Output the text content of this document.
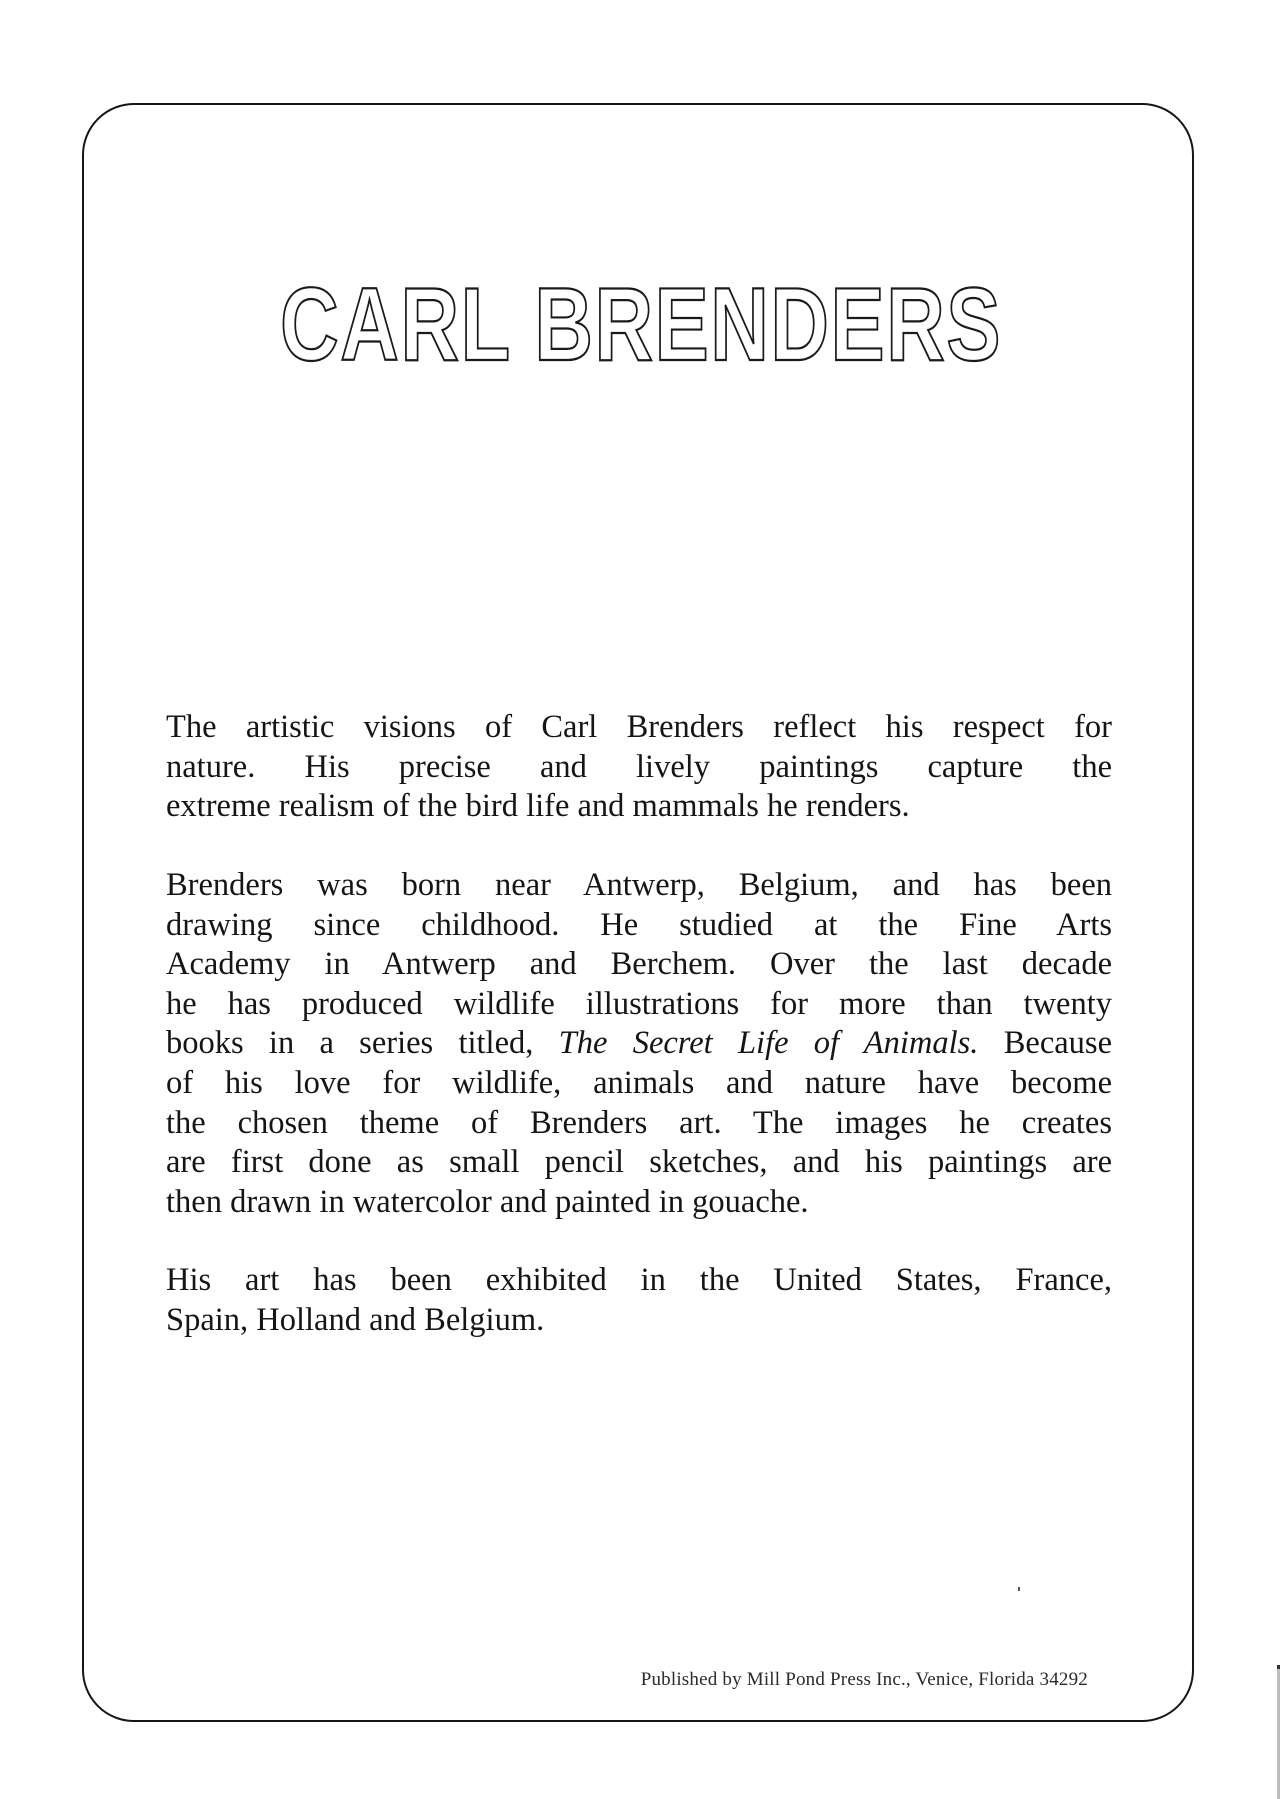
CARL BRENDERS
The artistic visions of Carl Brenders reflect his respect for
nature. His precise and lively paintings capture the
extreme realism of the bird life and mammals he renders.
Brenders was born near Antwerp, Belgium, and has been
drawing since childhood. He studied at the Fine Arts
Academy in Antwerp and Berchem. Over the last decade
he has produced wildlife illustrations for more than twenty
books in a series titled, The Secret Life of Animals. Because
of his love for wildlife, animals and nature have become
the chosen theme of Brenders art. The images he creates
are first done as small pencil sketches, and his paintings are
then drawn in watercolor and painted in gouache.
His art has been exhibited in the United States, France,
Spain, Holland and Belgium.
Published by Mill Pond Press Inc., Venice, Florida 34292
